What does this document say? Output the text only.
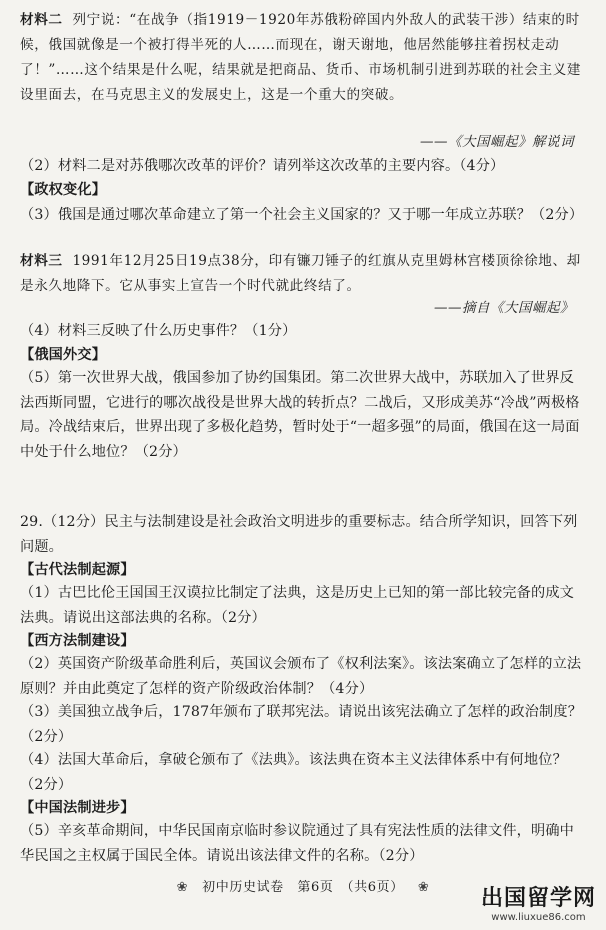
材料二 列宁说：“在战争（指1919－1920年苏俄粉碎国内外敌人的武装干涉）结束的时候，俄国就像是一个被打得半死的人……而现在，谢天谢地，他居然能够拄着拐杖走动了！”……这个结果是什么呢，结果就是把商品、货币、市场机制引进到苏联的社会主义建设里面去，在马克思主义的发展史上，这是一个重大的突破。
——《大国崛起》解说词
（2）材料二是对苏俄哪次改革的评价？请列举这次改革的主要内容。（4分）
【政权变化】
（3）俄国是通过哪次革命建立了第一个社会主义国家的？又于哪一年成立苏联？（2分）
材料三 1991年12月25日19点38分，印有镰刀锤子的红旗从克里姆林宫楼顶徐徐地、却是永久地降下。它从事实上宣告一个时代就此终结了。
——摘自《大国崛起》
（4）材料三反映了什么历史事件？（1分）
【俄国外交】
（5）第一次世界大战，俄国参加了协约国集团。第二次世界大战中，苏联加入了世界反法西斯同盟，它进行的哪次战役是世界大战的转折点？二战后，又形成美苏“冷战”两极格局。冷战结束后，世界出现了多极化趋势，暂时处于“一超多强”的局面，俄国在这一局面中处于什么地位？（2分）
29.（12分）民主与法制建设是社会政治文明进步的重要标志。结合所学知识，回答下列问题。
【古代法制起源】
（1）古巴比伦王国国王汉谟拉比制定了法典，这是历史上已知的第一部比较完备的成文法典。请说出这部法典的名称。（2分）
【西方法制建设】
（2）英国资产阶级革命胜利后，英国议会颁布了《权利法案》。该法案确立了怎样的立法原则？并由此奠定了怎样的资产阶级政治体制？（4分）
（3）美国独立战争后，1787年颁布了联邦宪法。请说出该宪法确立了怎样的政治制度？（2分）
（4）法国大革命后，拿破仑颁布了《法典》。该法典在资本主义法律体系中有何地位？（2分）
【中国法制进步】
（5）辛亥革命期间，中华民国南京临时参议院通过了具有宪法性质的法律文件，明确中华民国之主权属于国民全体。请说出该法律文件的名称。（2分）
❀ 初中历史试卷　第6页　（共6页） ❀	出国留学网
www.liuxue86.com
